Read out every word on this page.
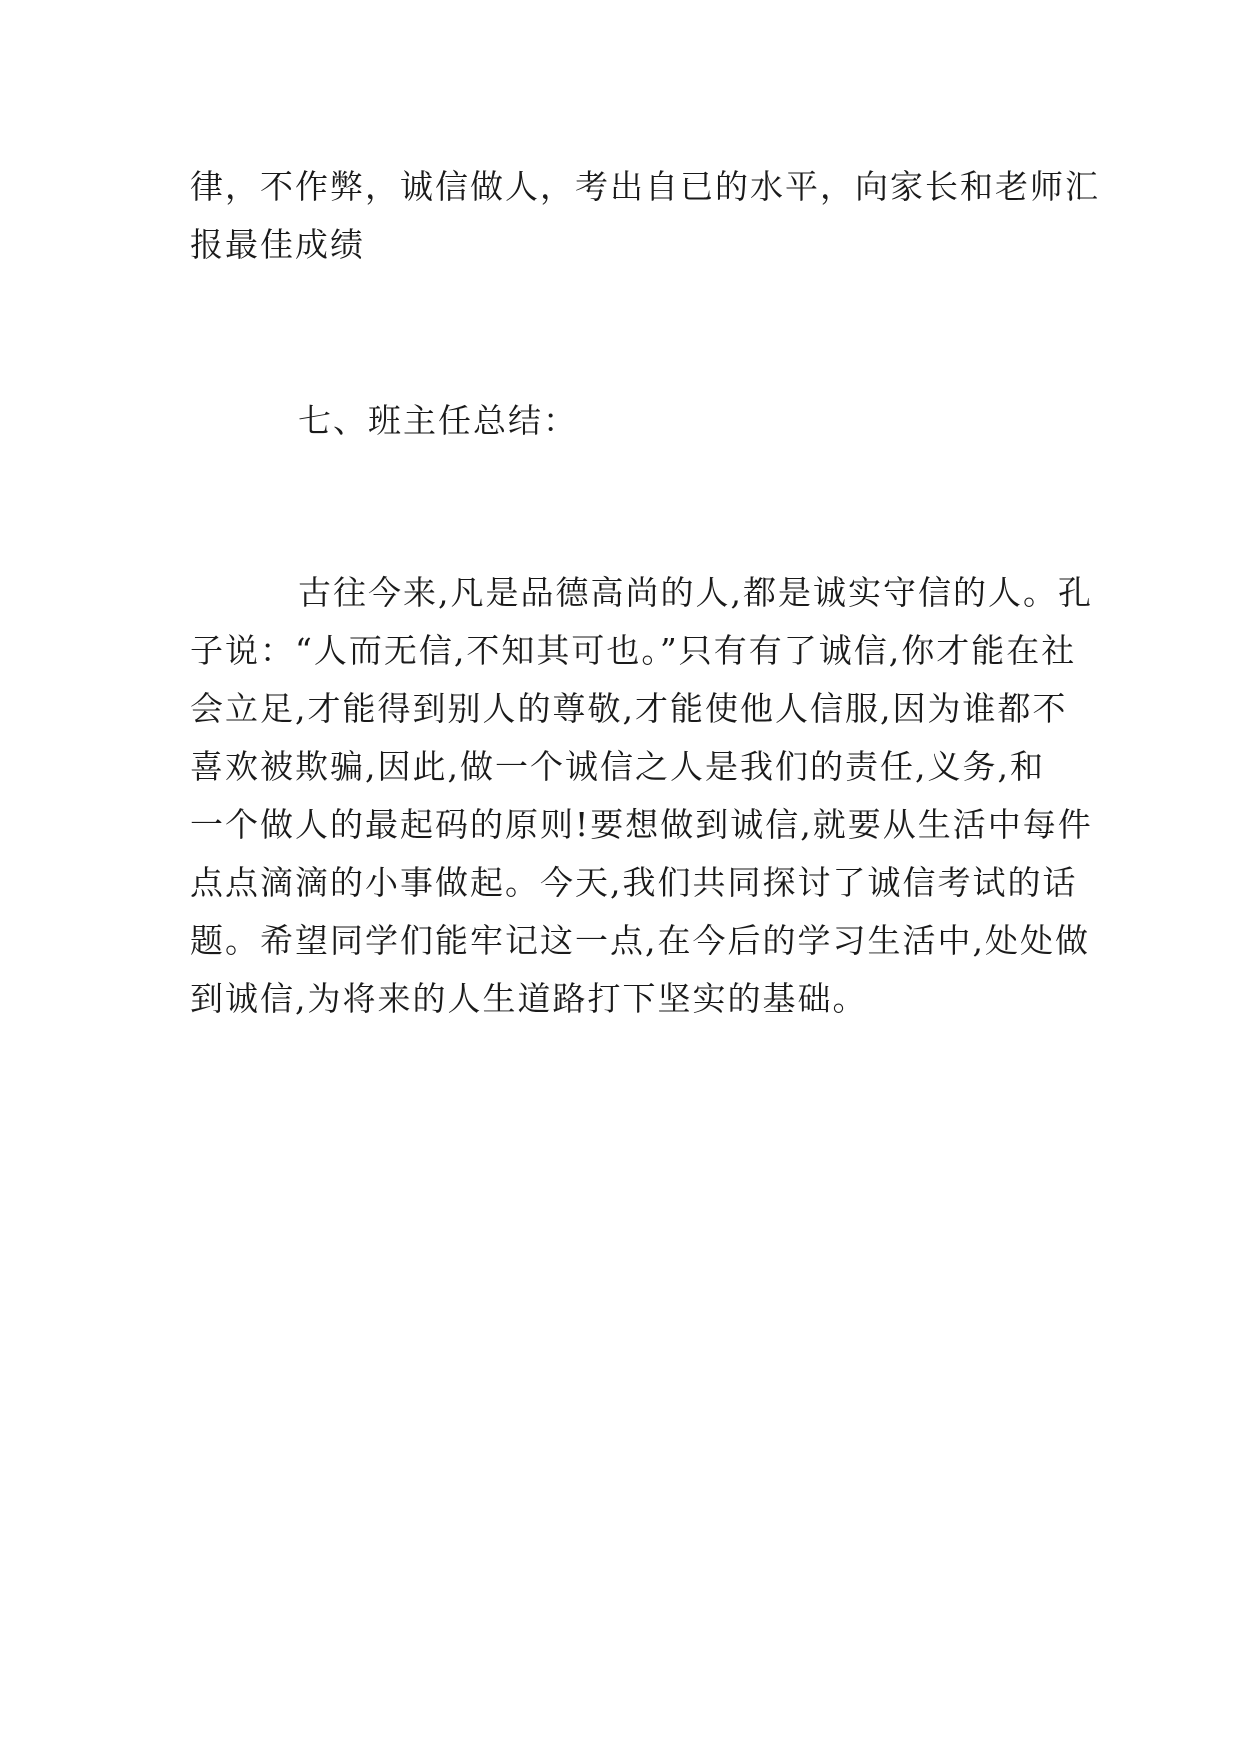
律，不作弊，诚信做人，考出自已的水平，向家长和老师汇
报最佳成绩
七、班主任总结：
古往今来,凡是品德高尚的人,都是诚实守信的人。孔
子说：“人而无信,不知其可也。”只有有了诚信,你才能在社
会立足,才能得到别人的尊敬,才能使他人信服,因为谁都不
喜欢被欺骗,因此,做一个诚信之人是我们的责任,义务,和
一个做人的最起码的原则!要想做到诚信,就要从生活中每件
点点滴滴的小事做起。今天,我们共同探讨了诚信考试的话
题。希望同学们能牢记这一点,在今后的学习生活中,处处做
到诚信,为将来的人生道路打下坚实的基础。
